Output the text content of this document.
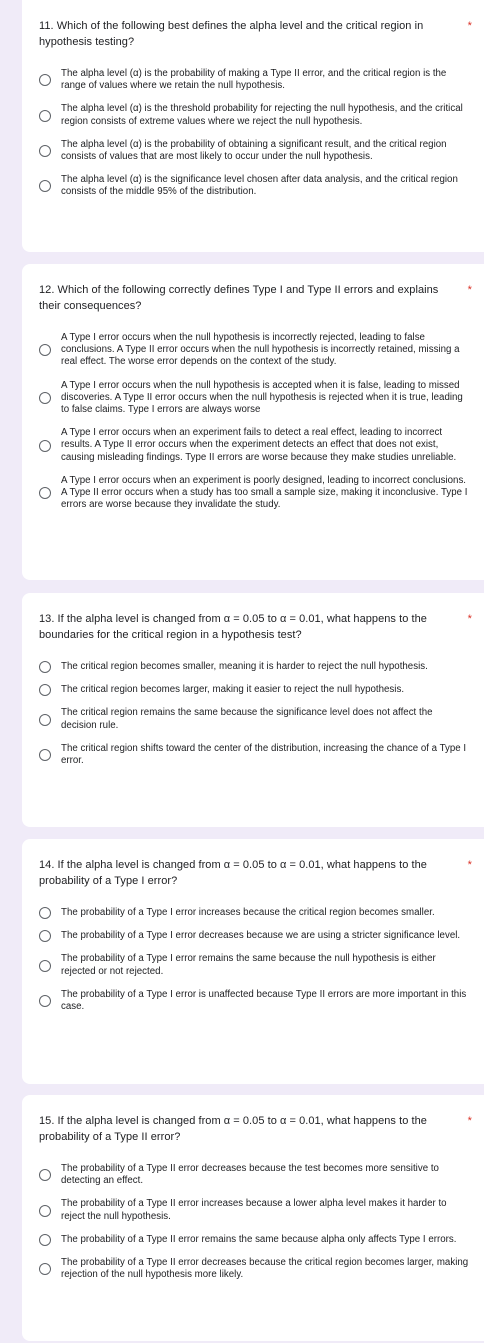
11. Which of the following best defines the alpha level and the critical region in hypothesis testing?
*
The alpha level (α) is the probability of making a Type II error, and the critical region is the range of values where we retain the null hypothesis.
The alpha level (α) is the threshold probability for rejecting the null hypothesis, and the critical region consists of extreme values where we reject the null hypothesis.
The alpha level (α) is the probability of obtaining a significant result, and the critical region consists of values that are most likely to occur under the null hypothesis.
The alpha level (α) is the significance level chosen after data analysis, and the critical region consists of the middle 95% of the distribution.
12. Which of the following correctly defines Type I and Type II errors and explains their consequences?
*
A Type I error occurs when the null hypothesis is incorrectly rejected, leading to false conclusions. A Type II error occurs when the null hypothesis is incorrectly retained, missing a real effect. The worse error depends on the context of the study.
A Type I error occurs when the null hypothesis is accepted when it is false, leading to missed discoveries. A Type II error occurs when the null hypothesis is rejected when it is true, leading to false claims. Type I errors are always worse
A Type I error occurs when an experiment fails to detect a real effect, leading to incorrect results. A Type II error occurs when the experiment detects an effect that does not exist, causing misleading findings. Type II errors are worse because they make studies unreliable.
A Type I error occurs when an experiment is poorly designed, leading to incorrect conclusions. A Type II error occurs when a study has too small a sample size, making it inconclusive. Type I errors are worse because they invalidate the study.
13. If the alpha level is changed from α = 0.05 to α = 0.01, what happens to the boundaries for the critical region in a hypothesis test?
*
The critical region becomes smaller, meaning it is harder to reject the null hypothesis.
The critical region becomes larger, making it easier to reject the null hypothesis.
The critical region remains the same because the significance level does not affect the decision rule.
The critical region shifts toward the center of the distribution, increasing the chance of a Type I error.
14. If the alpha level is changed from α = 0.05 to α = 0.01, what happens to the probability of a Type I error?
*
The probability of a Type I error increases because the critical region becomes smaller.
The probability of a Type I error decreases because we are using a stricter significance level.
The probability of a Type I error remains the same because the null hypothesis is either rejected or not rejected.
The probability of a Type I error is unaffected because Type II errors are more important in this case.
15. If the alpha level is changed from α = 0.05 to α = 0.01, what happens to the probability of a Type II error?
*
The probability of a Type II error decreases because the test becomes more sensitive to detecting an effect.
The probability of a Type II error increases because a lower alpha level makes it harder to reject the null hypothesis.
The probability of a Type II error remains the same because alpha only affects Type I errors.
The probability of a Type II error decreases because the critical region becomes larger, making rejection of the null hypothesis more likely.
